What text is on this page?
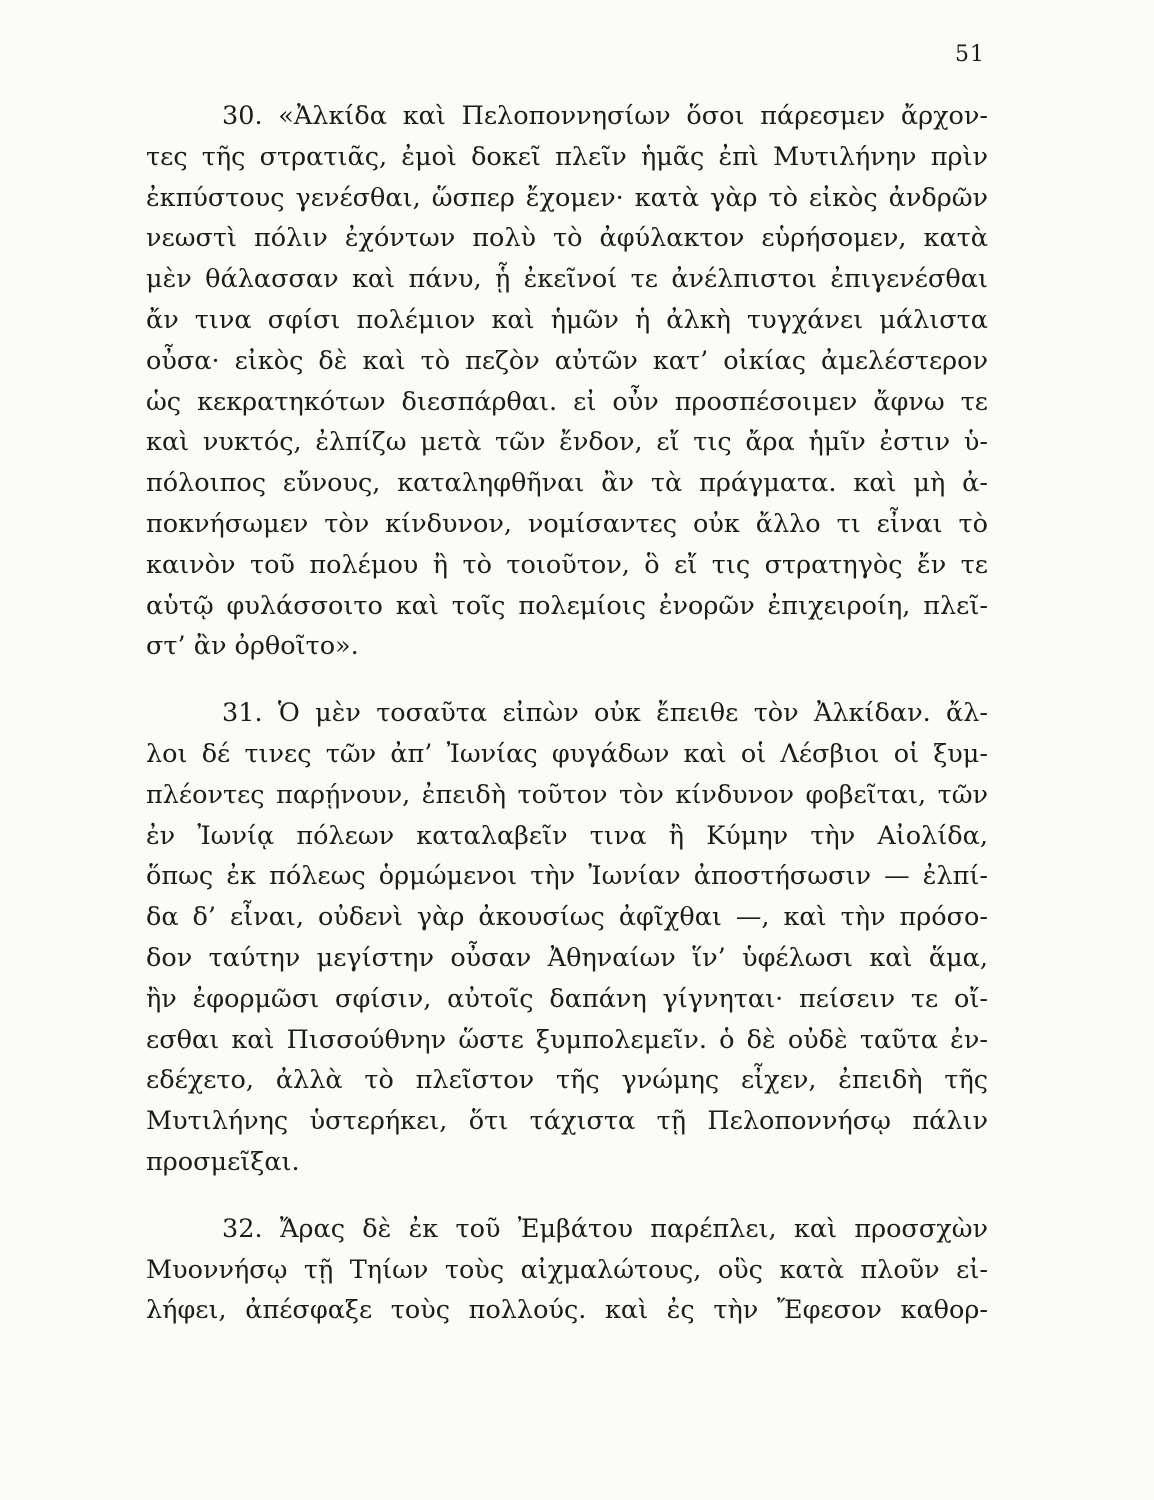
51
30. «Ἀλκίδα καὶ Πελοποννησίων ὅσοι πάρεσμεν ἄρχον-
τες τῆς στρατιᾶς, ἐμοὶ δοκεῖ πλεῖν ἡμᾶς ἐπὶ Μυτιλήνην πρὶν
ἐκπύστους γενέσθαι, ὥσπερ ἔχομεν· κατὰ γὰρ τὸ εἰκὸς ἀνδρῶν
νεωστὶ πόλιν ἐχόντων πολὺ τὸ ἀφύλακτον εὑρήσομεν, κατὰ
μὲν θάλασσαν καὶ πάνυ, ᾗ ἐκεῖνοί τε ἀνέλπιστοι ἐπιγενέσθαι
ἄν τινα σφίσι πολέμιον καὶ ἡμῶν ἡ ἀλκὴ τυγχάνει μάλιστα
οὖσα· εἰκὸς δὲ καὶ τὸ πεζὸν αὐτῶν κατ’ οἰκίας ἀμελέστερον
ὡς κεκρατηκότων διεσπάρθαι. εἰ οὖν προσπέσοιμεν ἄφνω τε
καὶ νυκτός, ἐλπίζω μετὰ τῶν ἔνδον, εἴ τις ἄρα ἡμῖν ἐστιν ὑ-
πόλοιπος εὔνους, καταληφθῆναι ἂν τὰ πράγματα. καὶ μὴ ἀ-
ποκνήσωμεν τὸν κίνδυνον, νομίσαντες οὐκ ἄλλο τι εἶναι τὸ
καινὸν τοῦ πολέμου ἢ τὸ τοιοῦτον, ὃ εἴ τις στρατηγὸς ἔν τε
αὑτῷ φυλάσσοιτο καὶ τοῖς πολεμίοις ἐνορῶν ἐπιχειροίη, πλεῖ-
στ’ ἂν ὀρθοῖτο».
31. Ὁ μὲν τοσαῦτα εἰπὼν οὐκ ἔπειθε τὸν Ἀλκίδαν. ἄλ-
λοι δέ τινες τῶν ἀπ’ Ἰωνίας φυγάδων καὶ οἱ Λέσβιοι οἱ ξυμ-
πλέοντες παρῄνουν, ἐπειδὴ τοῦτον τὸν κίνδυνον φοβεῖται, τῶν
ἐν Ἰωνίᾳ πόλεων καταλαβεῖν τινα ἢ Κύμην τὴν Αἰολίδα,
ὅπως ἐκ πόλεως ὁρμώμενοι τὴν Ἰωνίαν ἀποστήσωσιν — ἐλπί-
δα δ’ εἶναι, οὐδενὶ γὰρ ἀκουσίως ἀφῖχθαι —, καὶ τὴν πρόσο-
δον ταύτην μεγίστην οὖσαν Ἀθηναίων ἵν’ ὑφέλωσι καὶ ἅμα,
ἢν ἐφορμῶσι σφίσιν, αὐτοῖς δαπάνη γίγνηται· πείσειν τε οἴ-
εσθαι καὶ Πισσούθνην ὥστε ξυμπολεμεῖν. ὁ δὲ οὐδὲ ταῦτα ἐν-
εδέχετο, ἀλλὰ τὸ πλεῖστον τῆς γνώμης εἶχεν, ἐπειδὴ τῆς
Μυτιλήνης ὑστερήκει, ὅτι τάχιστα τῇ Πελοποννήσῳ πάλιν
προσμεῖξαι.
32. Ἄρας δὲ ἐκ τοῦ Ἐμβάτου παρέπλει, καὶ προσσχὼν
Μυοννήσῳ τῇ Τηίων τοὺς αἰχμαλώτους, οὓς κατὰ πλοῦν εἰ-
λήφει, ἀπέσφαξε τοὺς πολλούς. καὶ ἐς τὴν Ἔφεσον καθορ-
